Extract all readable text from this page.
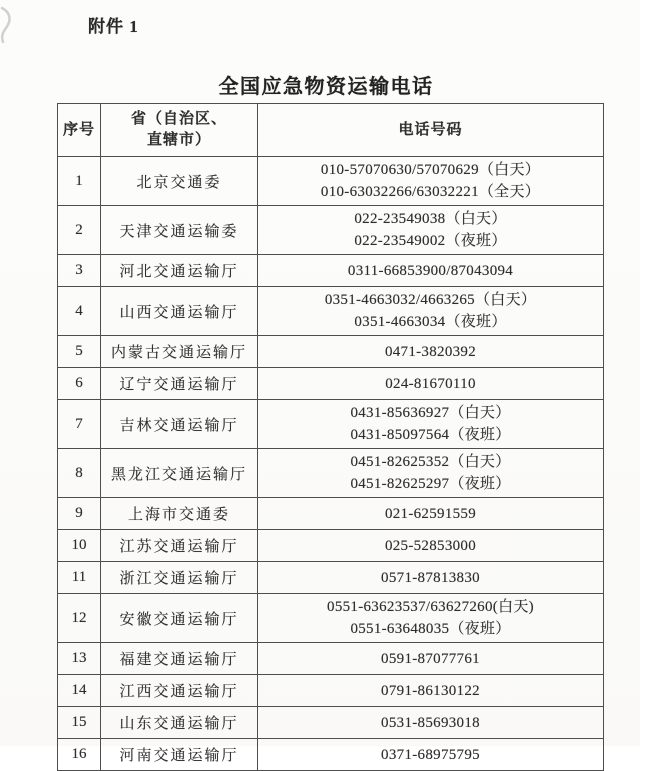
附件 1
全国应急物资运输电话
序号	省（自治区、
直辖市）	电话号码
1	北京交通委	010-57070630/57070629（白天）
010-63032266/63032221（全天）

2	天津交通运输委	022-23549038（白天）
022-23549002（夜班）

3	河北交通运输厅	0311-66853900/87043094

4	山西交通运输厅	0351-4663032/4663265（白天）
0351-4663034（夜班）

5	内蒙古交通运输厅	0471-3820392

6	辽宁交通运输厅	024-81670110

7	吉林交通运输厅	0431-85636927（白天）
0431-85097564（夜班）

8	黑龙江交通运输厅	0451-82625352（白天）
0451-82625297（夜班）

9	上海市交通委	021-62591559

10	江苏交通运输厅	025-52853000

11	浙江交通运输厅	0571-87813830

12	安徽交通运输厅	0551-63623537/63627260(白天)
0551-63648035（夜班）

13	福建交通运输厅	0591-87077761

14	江西交通运输厅	0791-86130122

15	山东交通运输厅	0531-85693018

16	河南交通运输厅	0371-68975795
